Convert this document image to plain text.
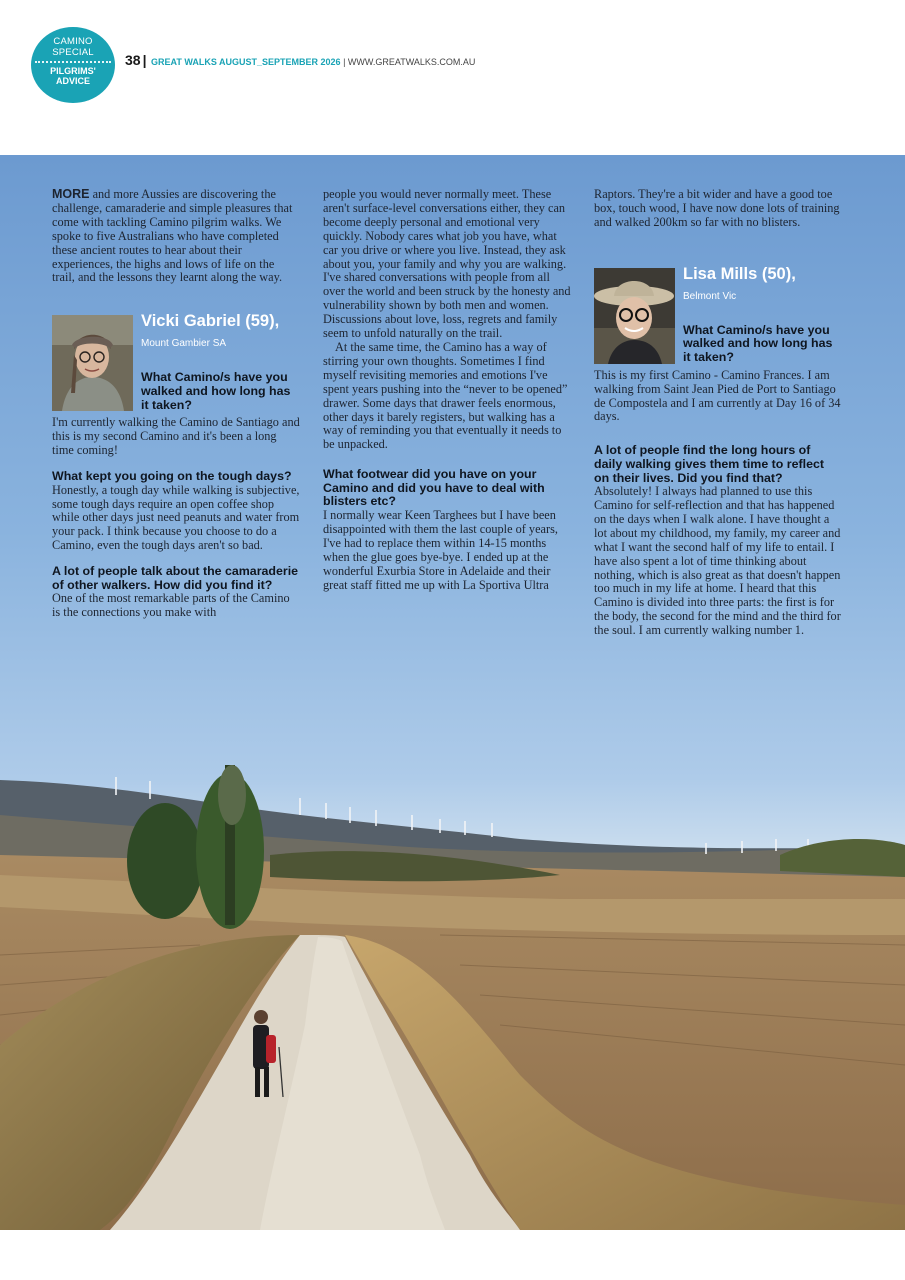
CAMINO SPECIAL
PILGRIMS' ADVICE
38 | GREAT WALKS AUGUST_SEPTEMBER 2026 | WWW.GREATWALKS.COM.AU

MORE and more Aussies are discovering the challenge, camaraderie and simple pleasures that come with tackling Camino pilgrim walks. We spoke to five Australians who have completed these ancient routes to hear about their experiences, the highs and lows of life on the trail, and the lessons they learnt along the way.

Vicki Gabriel (59),
Mount Gambier SA
What Camino/s have you walked and how long has it taken?

I'm currently walking the Camino de Santiago and this is my second Camino and it's been a long time coming!

What kept you going on the tough days?

Honestly, a tough day while walking is subjective, some tough days require an open coffee shop while other days just need peanuts and water from your pack. I think because you choose to do a Camino, even the tough days aren't so bad.

A lot of people talk about the camaraderie of other walkers. How did you find it?

One of the most remarkable parts of the Camino is the connections you make with

people you would never normally meet. These aren't surface-level conversations either, they can become deeply personal and emotional very quickly. Nobody cares what job you have, what car you drive or where you live. Instead, they ask about you, your family and why you are walking. I've shared conversations with people from all over the world and been struck by the honesty and vulnerability shown by both men and women. Discussions about love, loss, regrets and family seem to unfold naturally on the trail.

At the same time, the Camino has a way of stirring your own thoughts. Sometimes I find myself revisiting memories and emotions I've spent years pushing into the “never to be opened” drawer. Some days that drawer feels enormous, other days it barely registers, but walking has a way of reminding you that eventually it needs to be unpacked.

What footwear did you have on your Camino and did you have to deal with blisters etc?

I normally wear Keen Targhees but I have been disappointed with them the last couple of years, I've had to replace them within 14-15 months when the glue goes bye-bye. I ended up at the wonderful Exurbia Store in Adelaide and their great staff fitted me up with La Sportiva Ultra

Raptors. They're a bit wider and have a good toe box, touch wood, I have now done lots of training and walked 200km so far with no blisters.

Lisa Mills (50),
Belmont Vic
What Camino/s have you walked and how long has it taken?

This is my first Camino - Camino Frances. I am walking from Saint Jean Pied de Port to Santiago de Compostela and I am currently at Day 16 of 34 days.

A lot of people find the long hours of daily walking gives them time to reflect on their lives. Did you find that?

Absolutely! I always had planned to use this Camino for self-reflection and that has happened on the days when I walk alone. I have thought a lot about my childhood, my family, my career and what I want the second half of my life to entail. I have also spent a lot of time thinking about nothing, which is also great as that doesn't happen too much in my life at home. I heard that this Camino is divided into three parts: the first is for the body, the second for the mind and the third for the soul. I am currently walking number 1.
